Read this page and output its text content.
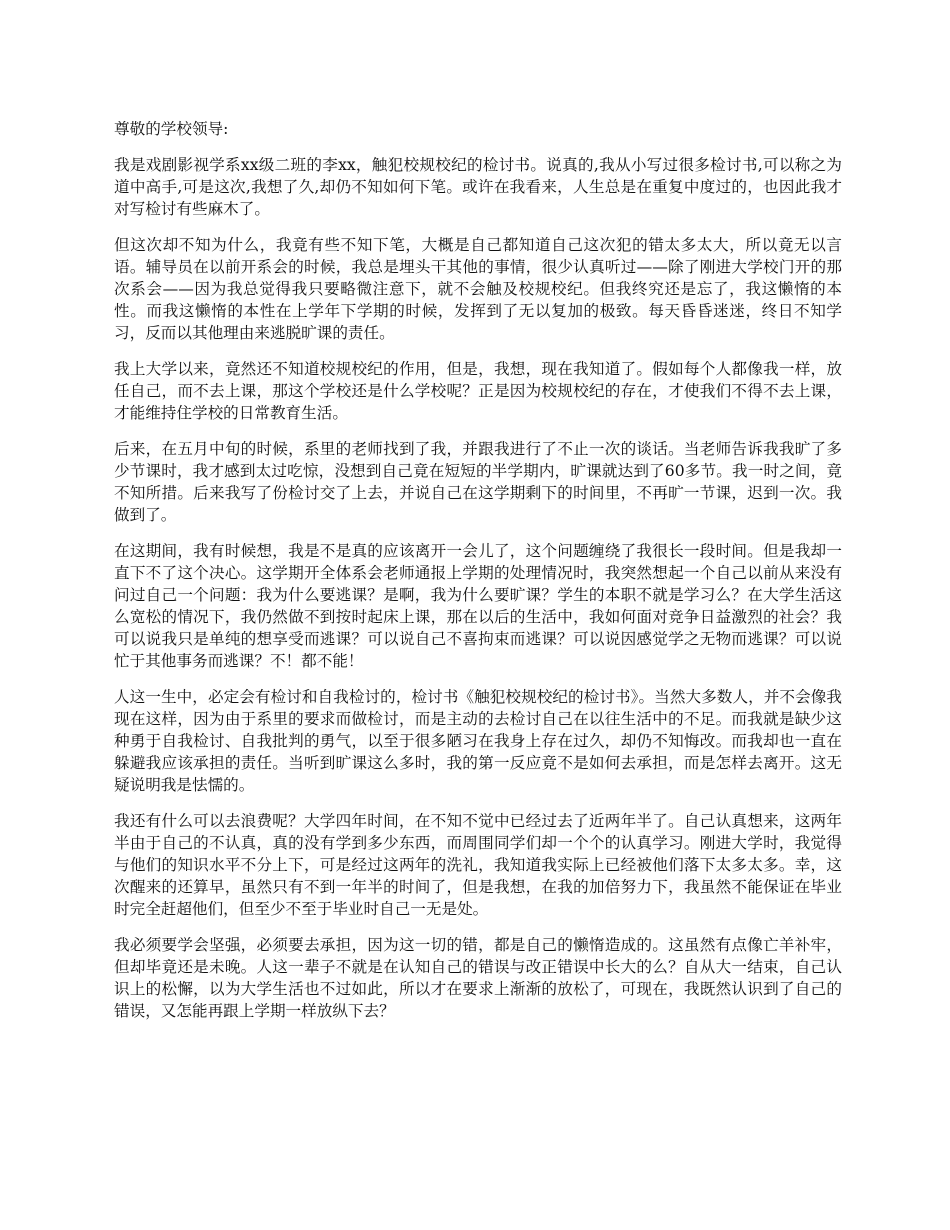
尊敬的学校领导:

我是戏剧影视学系xx级二班的李xx，触犯校规校纪的检讨书。说真的,我从小写过很多检讨书,可以称之为道中高手,可是这次,我想了久,却仍不知如何下笔。或许在我看来，人生总是在重复中度过的，也因此我才对写检讨有些麻木了。

但这次却不知为什么，我竟有些不知下笔，大概是自己都知道自己这次犯的错太多太大，所以竟无以言语。辅导员在以前开系会的时候，我总是埋头干其他的事情，很少认真听过——除了刚进大学校门开的那次系会——因为我总觉得我只要略微注意下，就不会触及校规校纪。但我终究还是忘了，我这懒惰的本性。而我这懒惰的本性在上学年下学期的时候，发挥到了无以复加的极致。每天昏昏迷迷，终日不知学习，反而以其他理由来逃脱旷课的责任。

我上大学以来，竟然还不知道校规校纪的作用，但是，我想，现在我知道了。假如每个人都像我一样，放任自己，而不去上课，那这个学校还是什么学校呢？正是因为校规校纪的存在，才使我们不得不去上课，才能维持住学校的日常教育生活。

后来，在五月中旬的时候，系里的老师找到了我，并跟我进行了不止一次的谈话。当老师告诉我我旷了多少节课时，我才感到太过吃惊，没想到自己竟在短短的半学期内，旷课就达到了60多节。我一时之间，竟不知所措。后来我写了份检讨交了上去，并说自己在这学期剩下的时间里，不再旷一节课，迟到一次。我做到了。

在这期间，我有时候想，我是不是真的应该离开一会儿了，这个问题缠绕了我很长一段时间。但是我却一直下不了这个决心。这学期开全体系会老师通报上学期的处理情况时，我突然想起一个自己以前从来没有问过自己一个问题：我为什么要逃课？是啊，我为什么要旷课？学生的本职不就是学习么？在大学生活这么宽松的情况下，我仍然做不到按时起床上课，那在以后的生活中，我如何面对竞争日益激烈的社会？我可以说我只是单纯的想享受而逃课？可以说自己不喜拘束而逃课？可以说因感觉学之无物而逃课？可以说忙于其他事务而逃课？不！都不能！

人这一生中，必定会有检讨和自我检讨的，检讨书《触犯校规校纪的检讨书》。当然大多数人，并不会像我现在这样，因为由于系里的要求而做检讨，而是主动的去检讨自己在以往生活中的不足。而我就是缺少这种勇于自我检讨、自我批判的勇气，以至于很多陋习在我身上存在过久，却仍不知悔改。而我却也一直在躲避我应该承担的责任。当听到旷课这么多时，我的第一反应竟不是如何去承担，而是怎样去离开。这无疑说明我是怯懦的。

我还有什么可以去浪费呢？大学四年时间，在不知不觉中已经过去了近两年半了。自己认真想来，这两年半由于自己的不认真，真的没有学到多少东西，而周围同学们却一个个的认真学习。刚进大学时，我觉得与他们的知识水平不分上下，可是经过这两年的洗礼，我知道我实际上已经被他们落下太多太多。幸，这次醒来的还算早，虽然只有不到一年半的时间了，但是我想，在我的加倍努力下，我虽然不能保证在毕业时完全赶超他们，但至少不至于毕业时自己一无是处。

我必须要学会坚强，必须要去承担，因为这一切的错，都是自己的懒惰造成的。这虽然有点像亡羊补牢，但却毕竟还是未晚。人这一辈子不就是在认知自己的错误与改正错误中长大的么？自从大一结束，自己认识上的松懈，以为大学生活也不过如此，所以才在要求上渐渐的放松了，可现在，我既然认识到了自己的错误，又怎能再跟上学期一样放纵下去？
